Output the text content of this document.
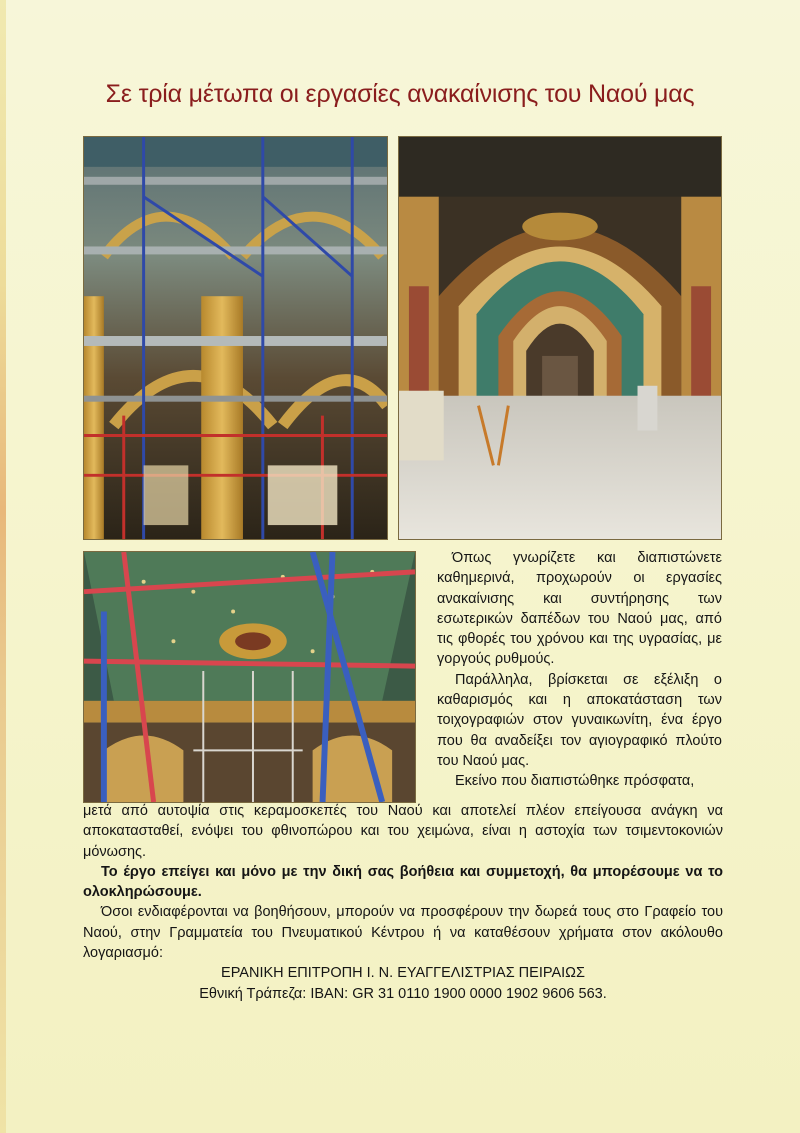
Σε τρία μέτωπα οι εργασίες ανακαίνισης του Ναού μας

Όπως γνωρίζετε και διαπιστώνετε καθημερινά, προχωρούν οι εργασίες ανακαίνισης και συντήρησης των εσωτερικών δαπέδων του Ναού μας, από τις φθορές του χρόνου και της υγρασίας, με γοργούς ρυθμούς.

Παράλληλα, βρίσκεται σε εξέλιξη ο καθαρισμός και η αποκατάσταση των τοιχογραφιών στον γυναικωνίτη, ένα έργο που θα αναδείξει τον αγιογραφικό πλούτο του Ναού μας.

Εκείνο που διαπιστώθηκε πρόσφατα,

μετά από αυτοψία στις κεραμοσκεπές του Ναού και αποτελεί πλέον επείγουσα ανάγκη να αποκατασταθεί, ενόψει του φθινοπώρου και του χειμώνα, είναι η αστοχία των τσιμεντοκονιών μόνωσης.

Το έργο επείγει και μόνο με την δική σας βοήθεια και συμμετοχή, θα μπορέσουμε να το ολοκληρώσουμε.

Όσοι ενδιαφέρονται να βοηθήσουν, μπορούν να προσφέρουν την δωρεά τους στο Γραφείο του Ναού, στην Γραμματεία του Πνευματικού Κέντρου ή να καταθέσουν χρήματα στον ακόλουθο λογαριασμό:

ΕΡΑΝΙΚΗ ΕΠΙΤΡΟΠΗ Ι. Ν. ΕΥΑΓΓΕΛΙΣΤΡΙΑΣ ΠΕΙΡΑΙΩΣ

Εθνική Τράπεζα: IBAN: GR 31 0110 1900 0000 1902 9606 563.
